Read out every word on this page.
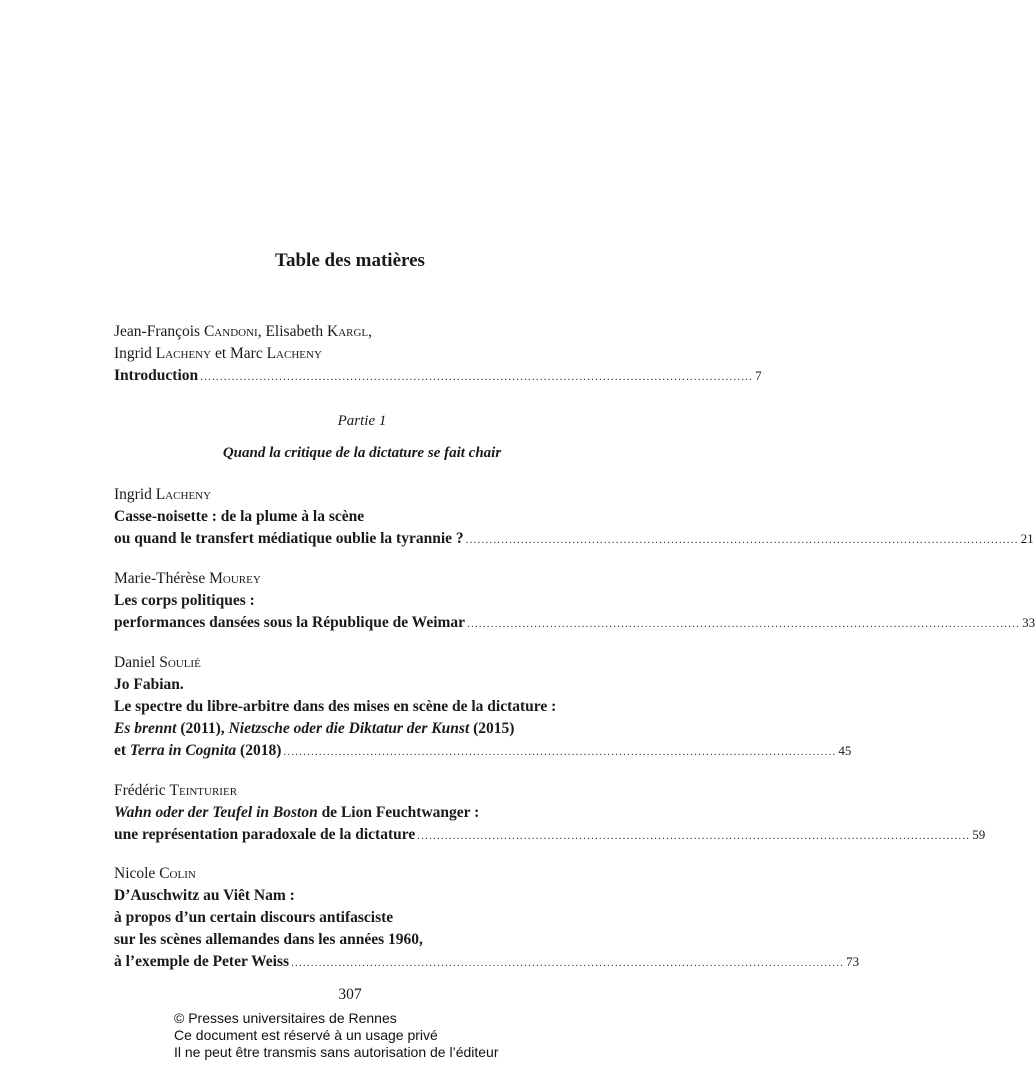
Table des matières
Jean-François Candoni, Elisabeth Kargl,
Ingrid Lacheny et Marc Lacheny
Introduction ............................................................................................................................................ 7
Partie 1
Quand la critique de la dictature se fait chair
Ingrid Lacheny
Casse-noisette : de la plume à la scène
ou quand le transfert médiatique oublie la tyrannie ? ............................................................................................................................................ 21
Marie-Thérèse Mourey
Les corps politiques :
performances dansées sous la République de Weimar ............................................................................................................................................ 33
Daniel Soulié
Jo Fabian.
Le spectre du libre-arbitre dans des mises en scène de la dictature :
Es brennt (2011), Nietzsche oder die Diktatur der Kunst (2015)
et Terra in Cognita (2018) ............................................................................................................................................ 45
Frédéric Teinturier
Wahn oder der Teufel in Boston de Lion Feuchtwanger :
une représentation paradoxale de la dictature ............................................................................................................................................ 59
Nicole Colin
D’Auschwitz au Viêt Nam :
à propos d’un certain discours antifasciste
sur les scènes allemandes dans les années 1960,
à l’exemple de Peter Weiss ............................................................................................................................................ 73
307
© Presses universitaires de Rennes
Ce document est réservé à un usage privé
Il ne peut être transmis sans autorisation de l’éditeur
